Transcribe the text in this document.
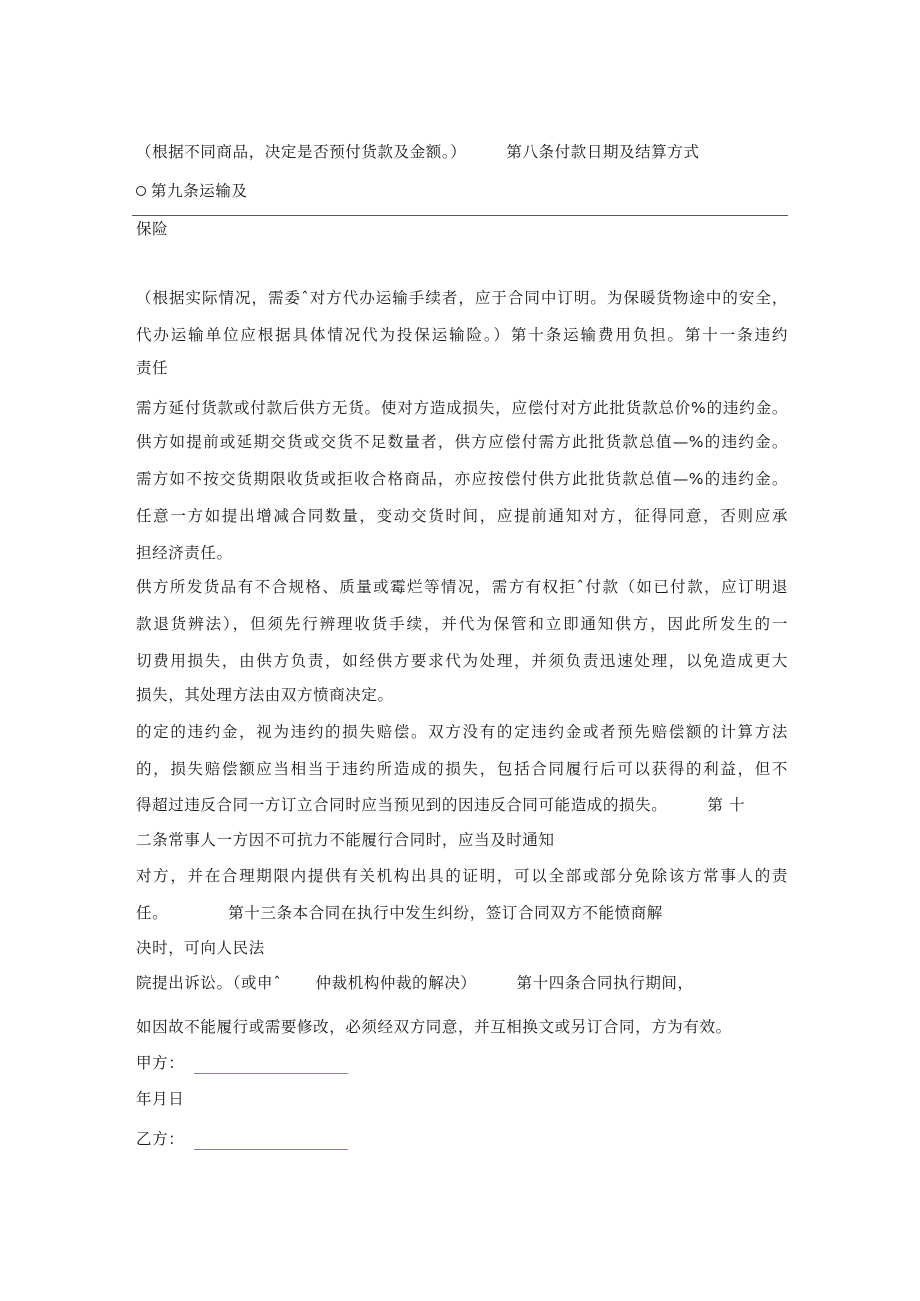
（根据不同商品，决定是否预付货款及金额。）	第八条付款日期及结算方式
第九条运输及
保险
（根据实际情况，需委ˆ对方代办运输手续者，应于合同中订明。为保暖货物途中的安全，
代办运输单位应根据具体情况代为投保运输险。）第十条运输费用负担。第十一条违约
责任
需方延付货款或付款后供方无货。使对方造成损失，应偿付对方此批货款总价%的违约金。
供方如提前或延期交货或交货不足数量者，供方应偿付需方此批货款总值—%的违约金。
需方如不按交货期限收货或拒收合格商品，亦应按偿付供方此批货款总值—%的违约金。
任意一方如提出增减合同数量，变动交货时间，应提前通知对方，征得同意，否则应承
担经济责任。
供方所发货品有不合规格、质量或霉烂等情况，需方有权拒ˆ付款（如已付款，应订明退
款退货辨法），但须先行辨理收货手续，并代为保管和立即通知供方，因此所发生的一
切费用损失，由供方负责，如经供方要求代为处理，并须负责迅速处理，以免造成更大
损失，其处理方法由双方愤商决定。
的定的违约金，视为违约的损失赔偿。双方没有的定违约金或者预先赔偿额的计算方法
的，损失赔偿额应当相当于违约所造成的损失，包括合同履行后可以获得的利益，但不
得超过违反合同一方订立合同时应当预见到的因违反合同可能造成的损失。	第 十
二条常事人一方因不可抗力不能履行合同时，应当及时通知
对方，并在合理期限内提供有关机构出具的证明，可以全部或部分免除该方常事人的责
任。	第十三条本合同在执行中发生纠纷，签订合同双方不能愤商解
决时，可向人民法
院提出诉讼。（或申ˆ 仲裁机构仲裁的解决）	第十四条合同执行期间，
如因故不能履行或需要修改，必须经双方同意，并互相换文或另订合同，方为有效。
甲方：
年月日
乙方：
